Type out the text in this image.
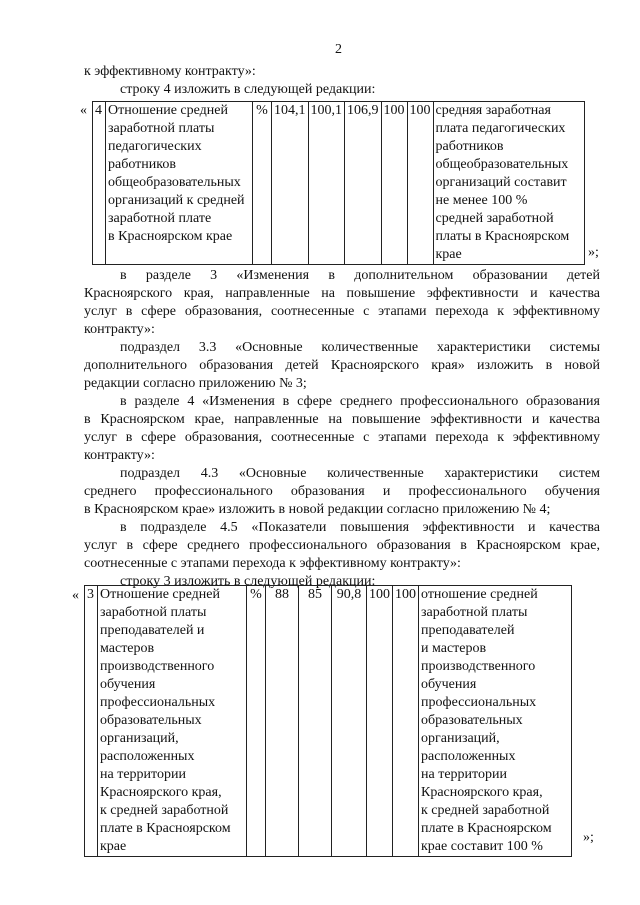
2
к эффективному контракту»:
строку 4 изложить в следующей редакции:
« 4	Отношение средней
заработной платы
педагогических
работников
общеобразовательных
организаций к средней
заработной плате
в Красноярском крае	%	104,1	100,1	106,9	100	100	средняя заработная
плата педагогических
работников
общеобразовательных
организаций составит
не менее 100 %
средней заработной
платы в Красноярском
крае	»;
в разделе 3 «Изменения в дополнительном образовании детей
Красноярского края, направленные на повышение эффективности и качества
услуг в сфере образования, соотнесенные с этапами перехода к эффективному
контракту»:
подраздел 3.3 «Основные количественные характеристики системы
дополнительного образования детей Красноярского края» изложить в новой
редакции согласно приложению № 3;
в разделе 4 «Изменения в сфере среднего профессионального образования
в Красноярском крае, направленные на повышение эффективности и качества
услуг в сфере образования, соотнесенные с этапами перехода к эффективному
контракту»:
подраздел 4.3 «Основные количественные характеристики систем
среднего профессионального образования и профессионального обучения
в Красноярском крае» изложить в новой редакции согласно приложению № 4;
в подразделе 4.5 «Показатели повышения эффективности и качества
услуг в сфере среднего профессионального образования в Красноярском крае,
соотнесенные с этапами перехода к эффективному контракту»:
строку 3 изложить в следующей редакции:
« 3	Отношение средней
заработной платы
преподавателей и
мастеров
производственного
обучения
профессиональных
образовательных
организаций,
расположенных
на территории
Красноярского края,
к средней заработной
плате в Красноярском
крае	%	88	85	90,8	100	100	отношение средней
заработной платы
преподавателей
и мастеров
производственного
обучения
профессиональных
образовательных
организаций,
расположенных
на территории
Красноярского края,
к средней заработной
плате в Красноярском
крае составит 100 %
»;
